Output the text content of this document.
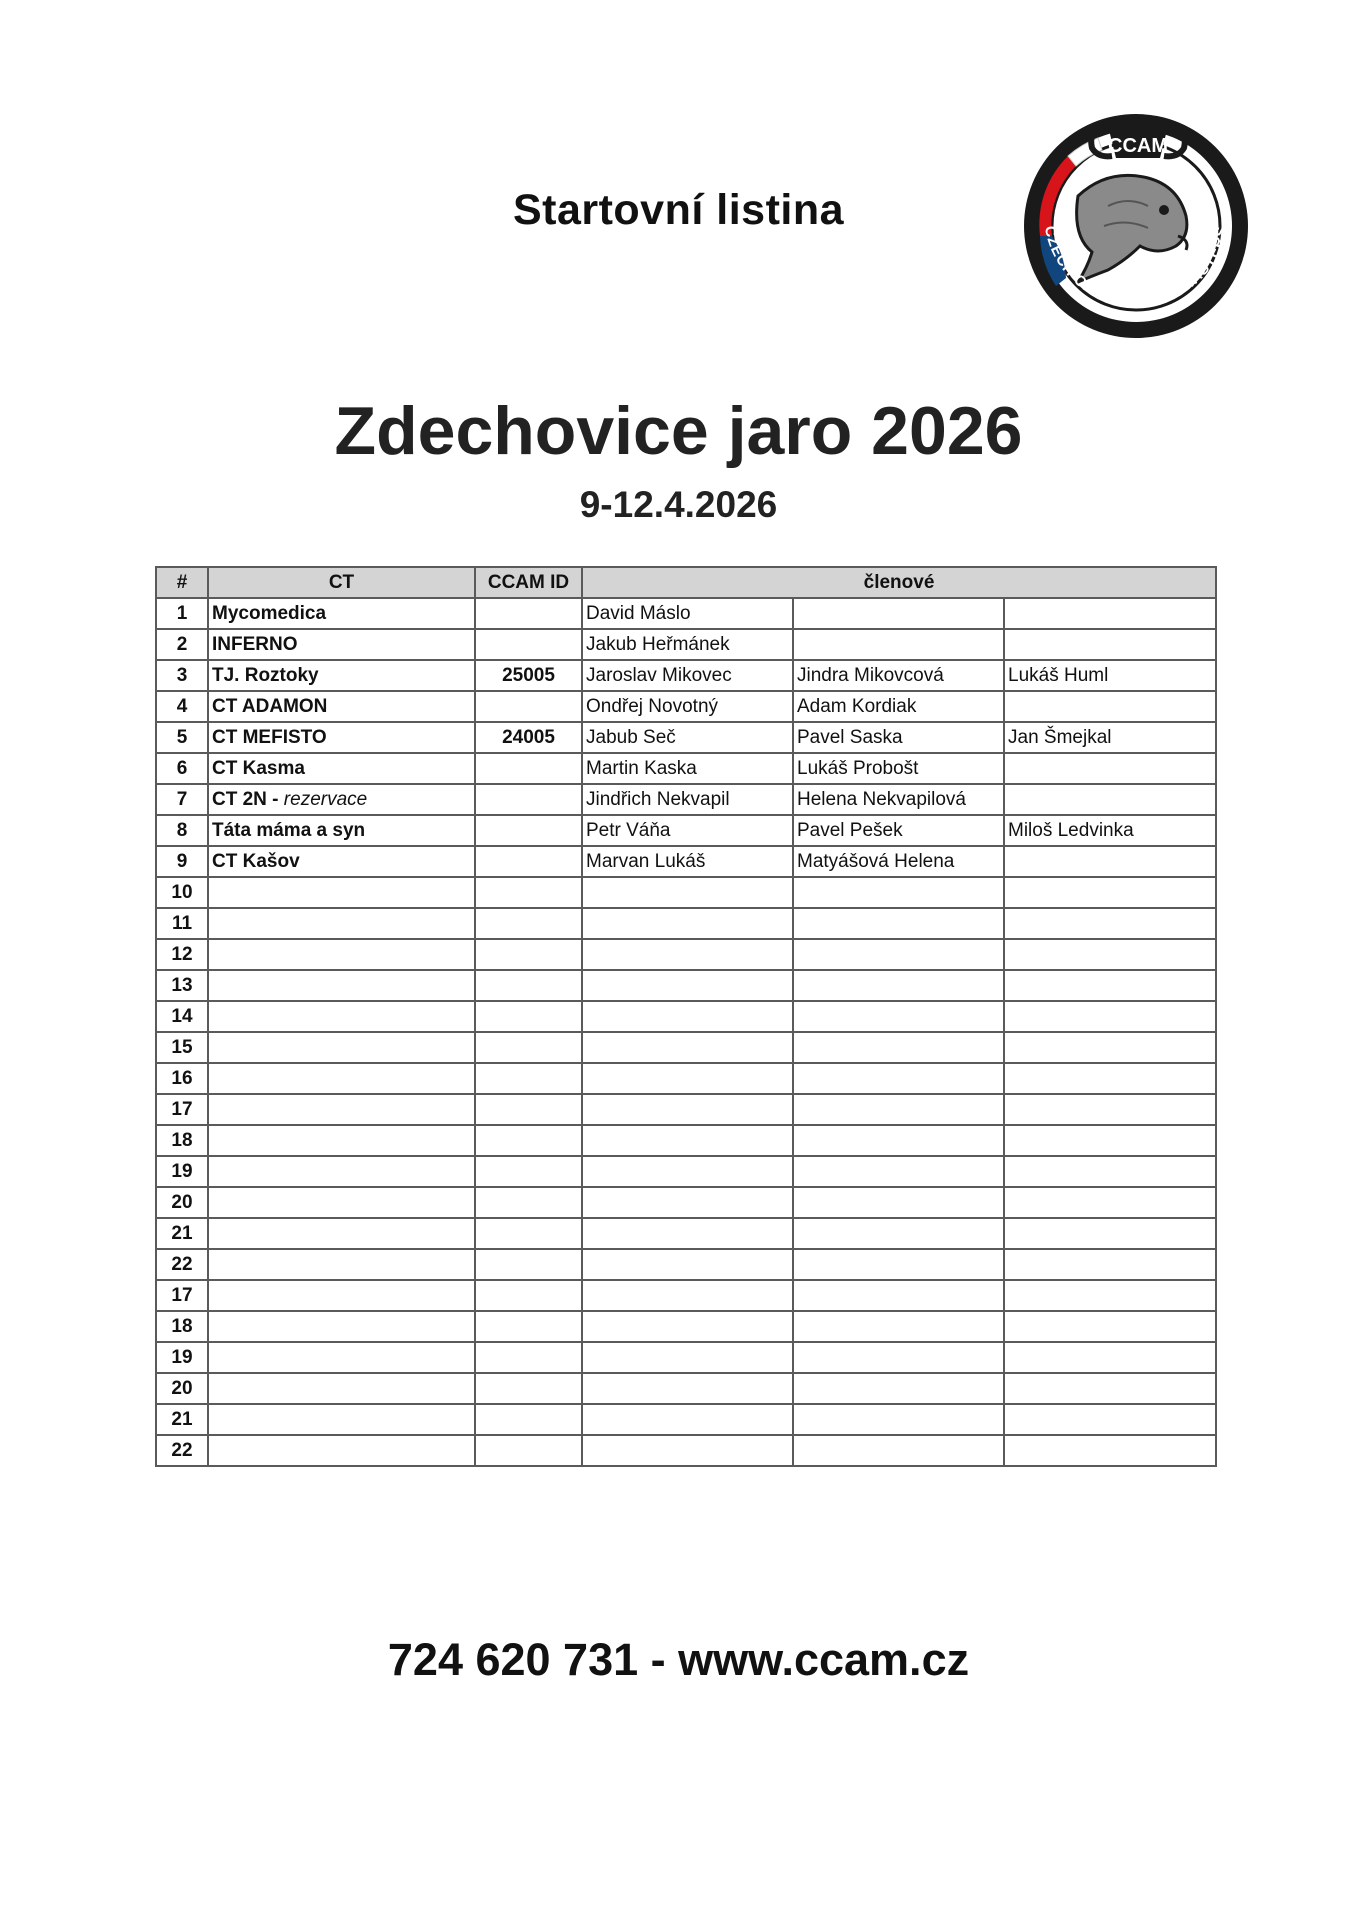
Startovní listina
CCAM
CZECH CARPANGLER MASTERS
Zdechovice jaro 2026
9-12.4.2026
#	CT	CCAM ID	členové		
1	Mycomedica		David Máslo		
2	INFERNO		Jakub Heřmánek		
3	TJ. Roztoky	25005	Jaroslav Mikovec	Jindra Mikovcová	Lukáš Huml
4	CT ADAMON		Ondřej Novotný	Adam Kordiak	
5	CT MEFISTO	24005	Jabub Seč	Pavel Saska	Jan Šmejkal
6	CT Kasma		Martin Kaska	Lukáš Probošt	
7	CT 2N - rezervace		Jindřich Nekvapil	Helena Nekvapilová	
8	Táta máma a syn		Petr Váňa	Pavel Pešek	Miloš Ledvinka
9	CT Kašov		Marvan Lukáš	Matyášová Helena	
10					
11					
12					
13					
14					
15					
16					
17					
18					
19					
20					
21					
22					
17					
18					
19					
20					
21					
22					
724 620 731 - www.ccam.cz
